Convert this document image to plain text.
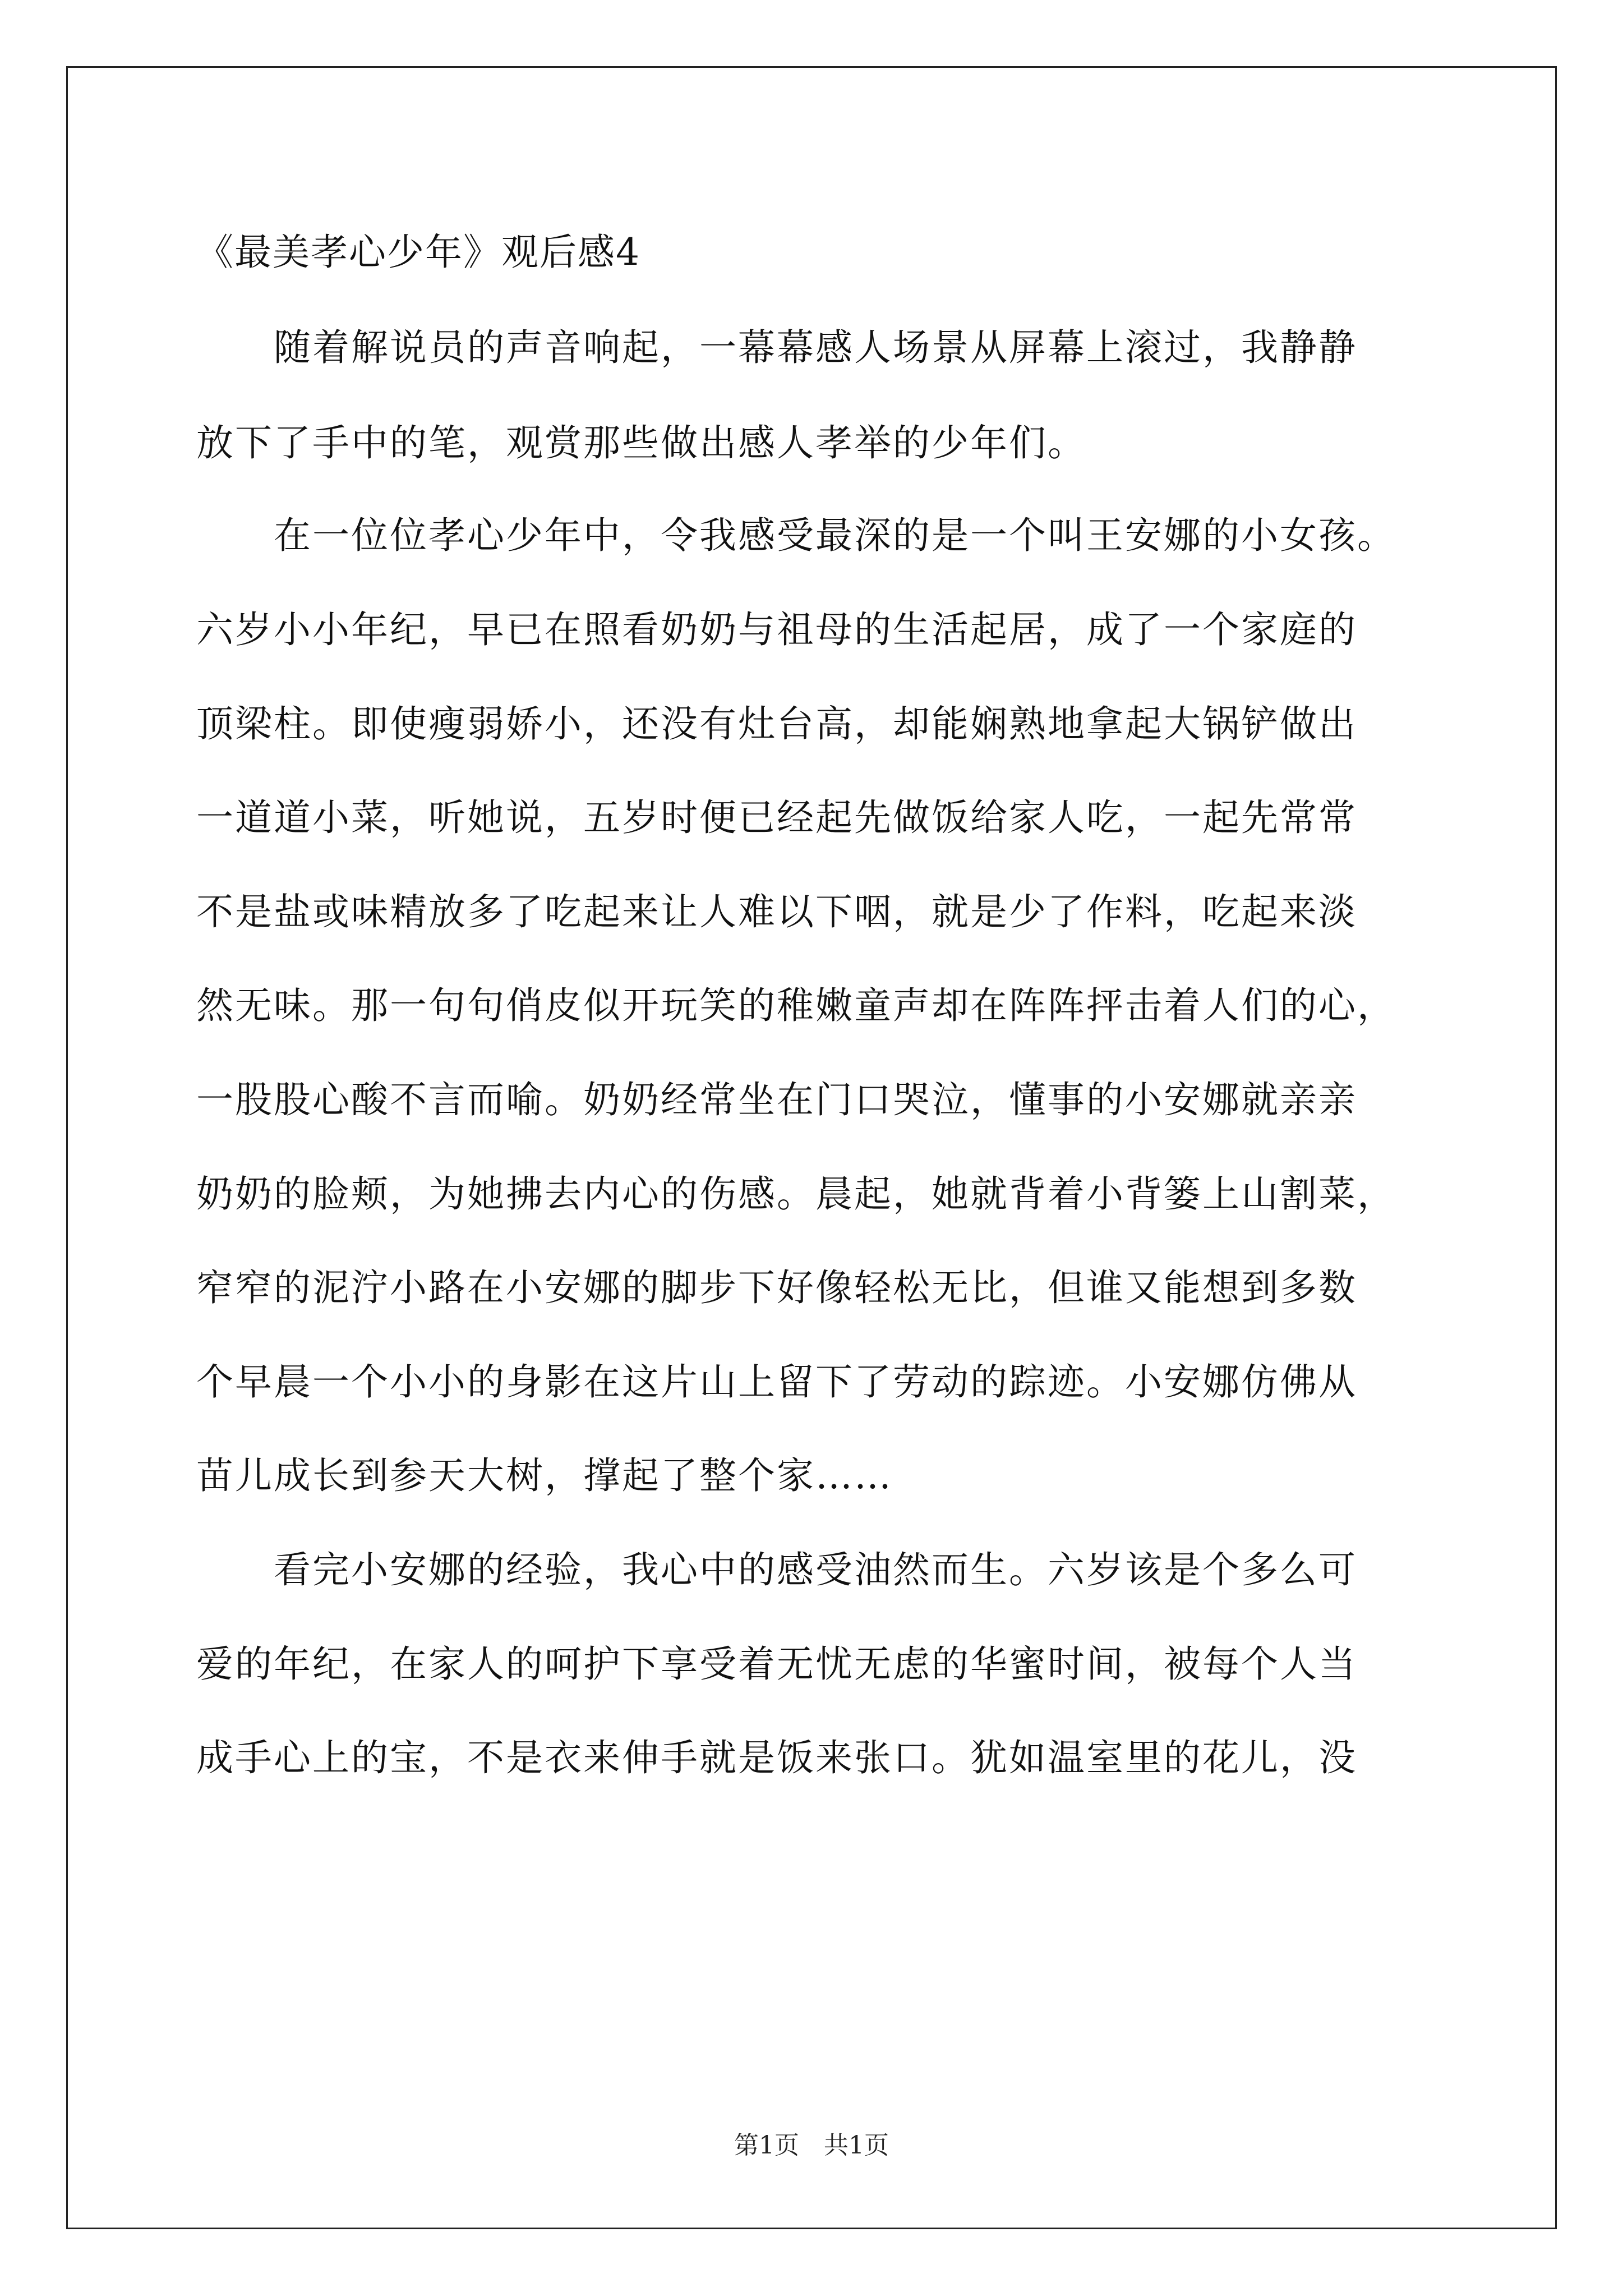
《最美孝心少年》观后感4

　　随着解说员的声音响起，一幕幕感人场景从屏幕上滚过，我静静

放下了手中的笔，观赏那些做出感人孝举的少年们。

　　在一位位孝心少年中，令我感受最深的是一个叫王安娜的小女孩。

六岁小小年纪，早已在照看奶奶与祖母的生活起居，成了一个家庭的

顶梁柱。即使瘦弱娇小，还没有灶台高，却能娴熟地拿起大锅铲做出

一道道小菜，听她说，五岁时便已经起先做饭给家人吃，一起先常常

不是盐或味精放多了吃起来让人难以下咽，就是少了作料，吃起来淡

然无味。那一句句俏皮似开玩笑的稚嫩童声却在阵阵抨击着人们的心，

一股股心酸不言而喻。奶奶经常坐在门口哭泣，懂事的小安娜就亲亲

奶奶的脸颊，为她拂去内心的伤感。晨起，她就背着小背篓上山割菜，

窄窄的泥泞小路在小安娜的脚步下好像轻松无比，但谁又能想到多数

个早晨一个小小的身影在这片山上留下了劳动的踪迹。小安娜仿佛从

苗儿成长到参天大树，撑起了整个家……

　　看完小安娜的经验，我心中的感受油然而生。六岁该是个多么可

爱的年纪，在家人的呵护下享受着无忧无虑的华蜜时间，被每个人当

成手心上的宝，不是衣来伸手就是饭来张口。犹如温室里的花儿，没

第1页　共1页
